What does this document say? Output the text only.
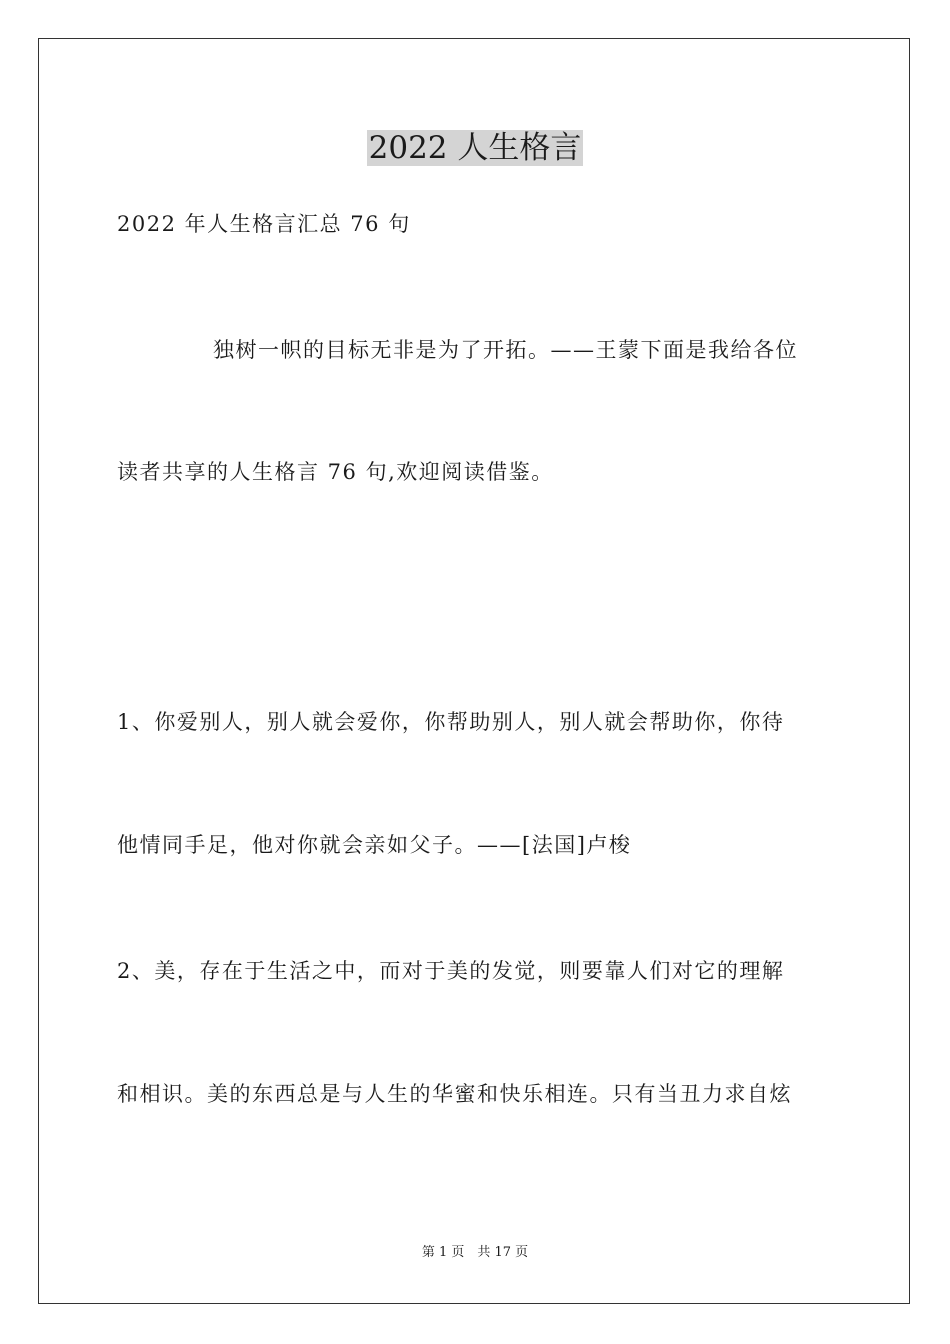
2022 人生格言
2022 年人生格言汇总 76 句
独树一帜的目标无非是为了开拓。——王蒙下面是我给各位
读者共享的人生格言 76 句,欢迎阅读借鉴。
1、你爱别人，别人就会爱你，你帮助别人，别人就会帮助你，你待
他情同手足，他对你就会亲如父子。——[法国]卢梭
2、美，存在于生活之中，而对于美的发觉，则要靠人们对它的理解
和相识。美的东西总是与人生的华蜜和快乐相连。只有当丑力求自炫
第 1 页　共 17 页
